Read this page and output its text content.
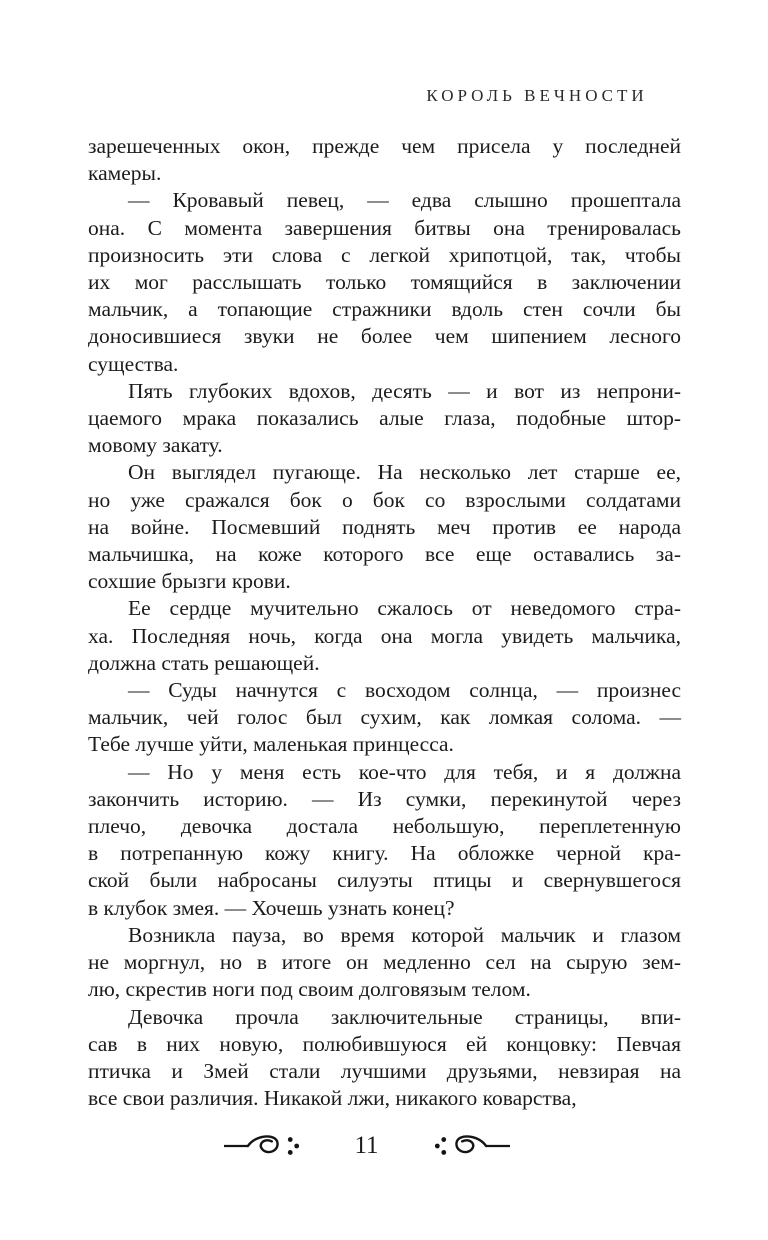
КОРОЛЬ ВЕЧНОСТИ
зарешеченных окон, прежде чем присела у последней
камеры.
— Кровавый певец, — едва слышно прошептала
она. С момента завершения битвы она тренировалась
произносить эти слова с легкой хрипотцой, так, чтобы
их мог расслышать только томящийся в заключении
мальчик, а топающие стражники вдоль стен сочли бы
доносившиеся звуки не более чем шипением лесного
существа.
Пять глубоких вдохов, десять — и вот из непрони-
цаемого мрака показались алые глаза, подобные штор-
мовому закату.
Он выглядел пугающе. На несколько лет старше ее,
но уже сражался бок о бок со взрослыми солдатами
на войне. Посмевший поднять меч против ее народа
мальчишка, на коже которого все еще оставались за-
сохшие брызги крови.
Ее сердце мучительно сжалось от неведомого стра-
ха. Последняя ночь, когда она могла увидеть мальчика,
должна стать решающей.
— Суды начнутся с восходом солнца, — произнес
мальчик, чей голос был сухим, как ломкая солома. —
Тебе лучше уйти, маленькая принцесса.
— Но у меня есть кое-что для тебя, и я должна
закончить историю. — Из сумки, перекинутой через
плечо, девочка достала небольшую, переплетенную
в потрепанную кожу книгу. На обложке черной кра-
ской были набросаны силуэты птицы и свернувшегося
в клубок змея. — Хочешь узнать конец?
Возникла пауза, во время которой мальчик и глазом
не моргнул, но в итоге он медленно сел на сырую зем-
лю, скрестив ноги под своим долговязым телом.
Девочка прочла заключительные страницы, впи-
сав в них новую, полюбившуюся ей концовку: Певчая
птичка и Змей стали лучшими друзьями, невзирая на
все свои различия. Никакой лжи, никакого коварства,
11
